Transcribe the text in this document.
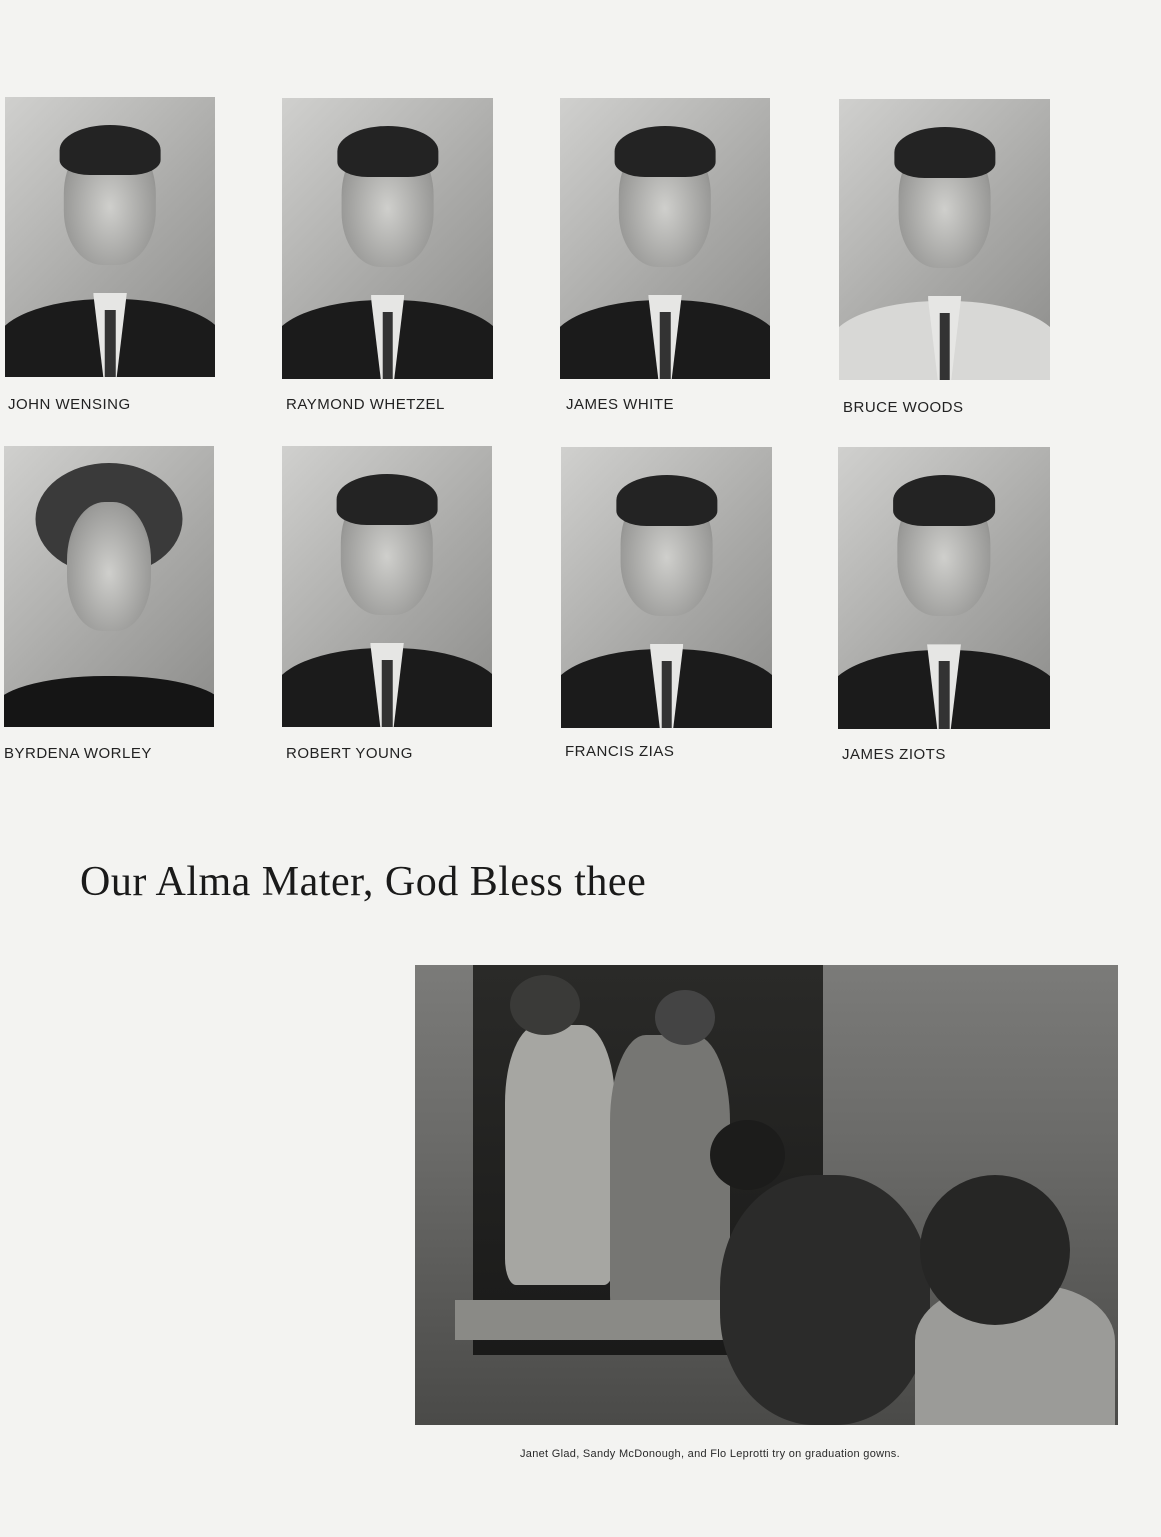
JOHN WENSING	RAYMOND WHETZEL	JAMES WHITE	BRUCE WOODS
BYRDENA WORLEY	ROBERT YOUNG	FRANCIS ZIAS	JAMES ZIOTS
Our Alma Mater, God Bless thee
Janet Glad, Sandy McDonough, and Flo Leprotti try on graduation gowns.
